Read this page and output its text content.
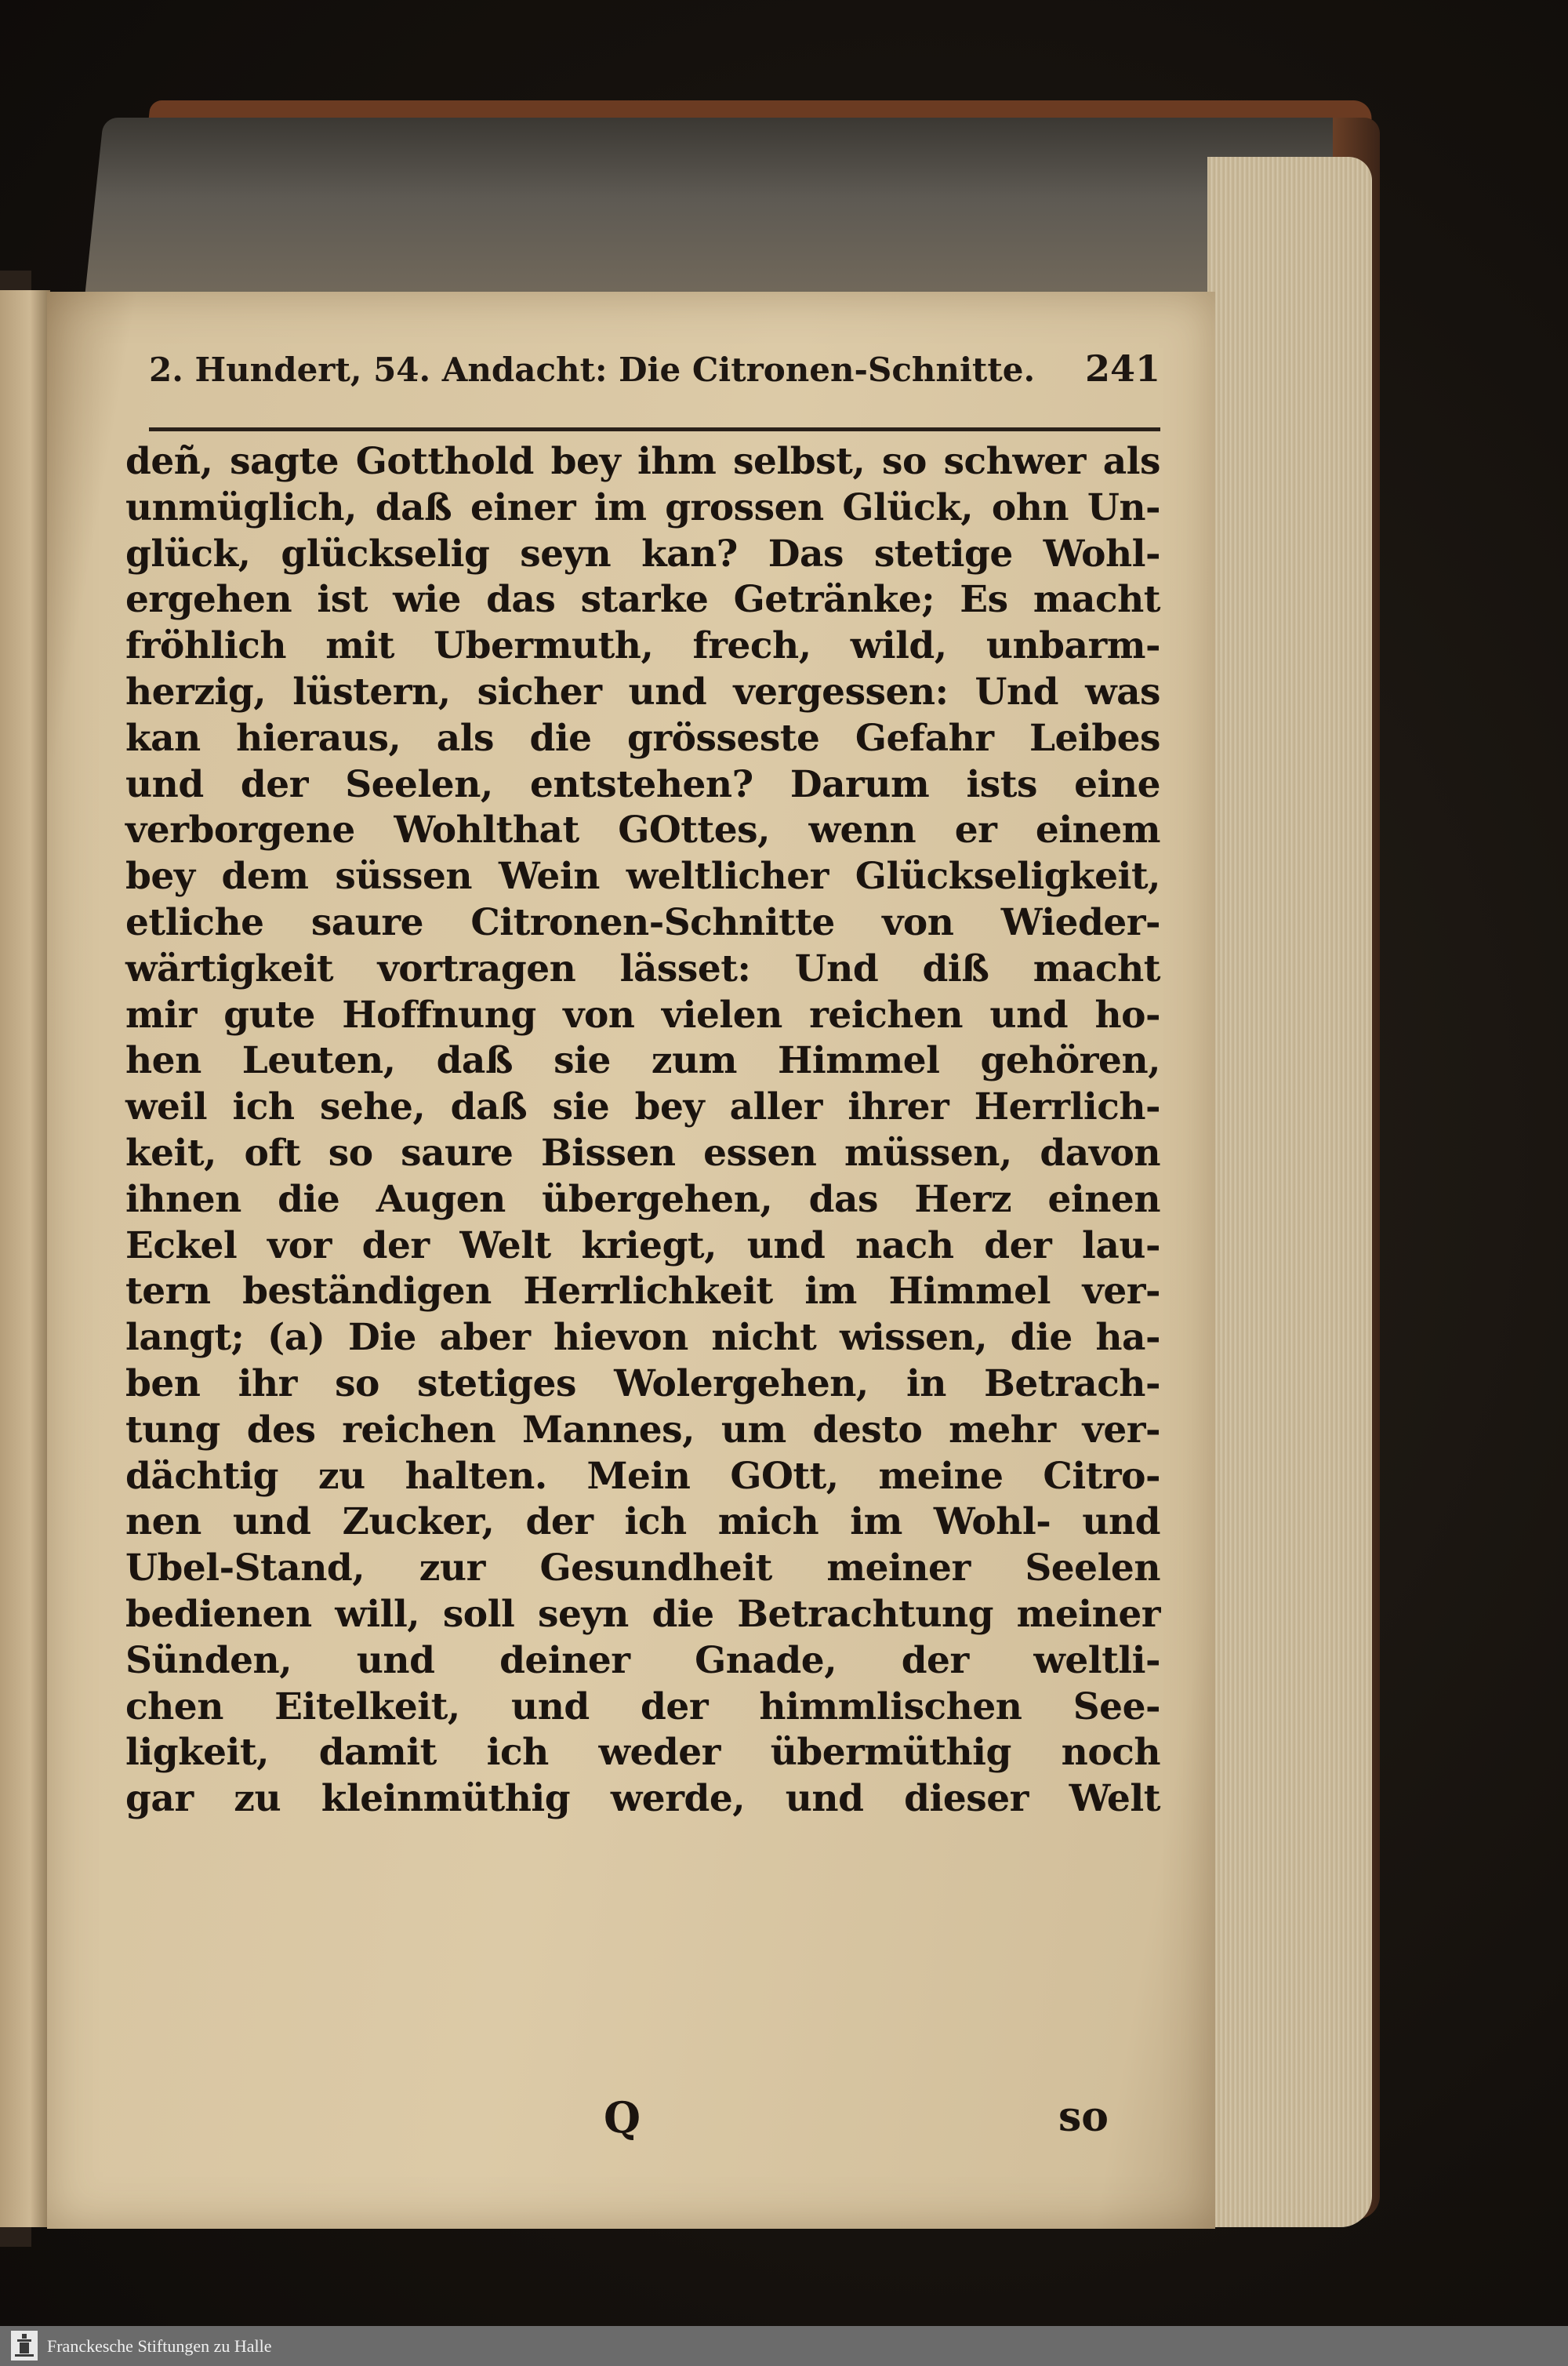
2. Hundert, 54. Andacht: Die Citronen-Schnitte. 241
deñ, sagte Gotthold bey ihm selbst, so schwer als
unmüglich, daß einer im grossen Glück, ohn Un-
glück, glückselig seyn kan? Das stetige Wohl-
ergehen ist wie das starke Getränke; Es macht
fröhlich mit Ubermuth, frech, wild, unbarm-
herzig, lüstern, sicher und vergessen: Und was
kan hieraus, als die grösseste Gefahr Leibes
und der Seelen, entstehen? Darum ists eine
verborgene Wohlthat GOttes, wenn er einem
bey dem süssen Wein weltlicher Glückseligkeit,
etliche saure Citronen-Schnitte von Wieder-
wärtigkeit vortragen lässet: Und diß macht
mir gute Hoffnung von vielen reichen und ho-
hen Leuten, daß sie zum Himmel gehören,
weil ich sehe, daß sie bey aller ihrer Herrlich-
keit, oft so saure Bissen essen müssen, davon
ihnen die Augen übergehen, das Herz einen
Eckel vor der Welt kriegt, und nach der lau-
tern beständigen Herrlichkeit im Himmel ver-
langt; (a) Die aber hievon nicht wissen, die ha-
ben ihr so stetiges Wolergehen, in Betrach-
tung des reichen Mannes, um desto mehr ver-
dächtig zu halten. Mein GOtt, meine Citro-
nen und Zucker, der ich mich im Wohl- und
Ubel-Stand, zur Gesundheit meiner Seelen
bedienen will, soll seyn die Betrachtung meiner
Sünden, und deiner Gnade, der weltli-
chen Eitelkeit, und der himmlischen See-
ligkeit, damit ich weder übermüthig noch
gar zu kleinmüthig werde, und dieser Welt
Q	so
Franckesche Stiftungen zu Halle
